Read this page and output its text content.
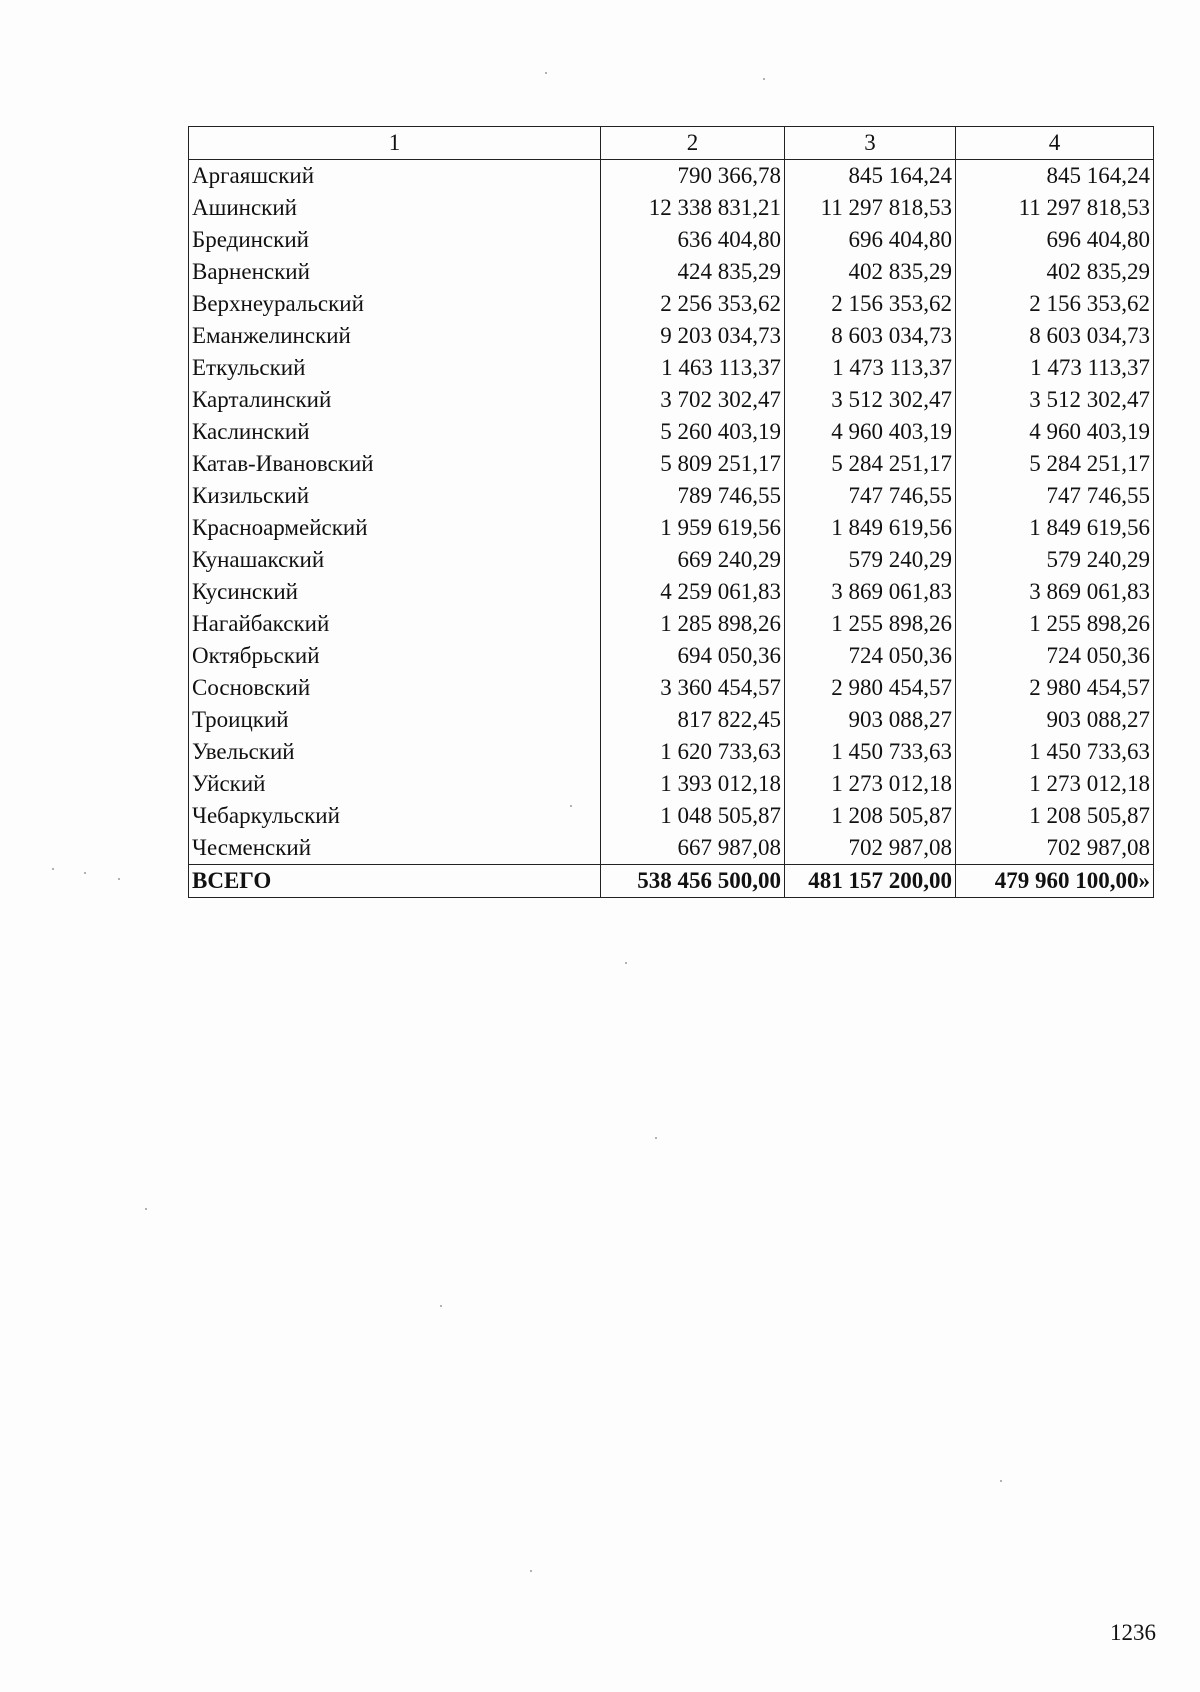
1	2	3	4
Аргаяшский	790 366,78	845 164,24	845 164,24
Ашинский	12 338 831,21	11 297 818,53	11 297 818,53
Брединский	636 404,80	696 404,80	696 404,80
Варненский	424 835,29	402 835,29	402 835,29
Верхнеуральский	2 256 353,62	2 156 353,62	2 156 353,62
Еманжелинский	9 203 034,73	8 603 034,73	8 603 034,73
Еткульский	1 463 113,37	1 473 113,37	1 473 113,37
Карталинский	3 702 302,47	3 512 302,47	3 512 302,47
Каслинский	5 260 403,19	4 960 403,19	4 960 403,19
Катав-Ивановский	5 809 251,17	5 284 251,17	5 284 251,17
Кизильский	789 746,55	747 746,55	747 746,55
Красноармейский	1 959 619,56	1 849 619,56	1 849 619,56
Кунашакский	669 240,29	579 240,29	579 240,29
Кусинский	4 259 061,83	3 869 061,83	3 869 061,83
Нагайбакский	1 285 898,26	1 255 898,26	1 255 898,26
Октябрьский	694 050,36	724 050,36	724 050,36
Сосновский	3 360 454,57	2 980 454,57	2 980 454,57
Троицкий	817 822,45	903 088,27	903 088,27
Увельский	1 620 733,63	1 450 733,63	1 450 733,63
Уйский	1 393 012,18	1 273 012,18	1 273 012,18
Чебаркульский	1 048 505,87	1 208 505,87	1 208 505,87
Чесменский	667 987,08	702 987,08	702 987,08
ВСЕГО	538 456 500,00	481 157 200,00	479 960 100,00»
1236
